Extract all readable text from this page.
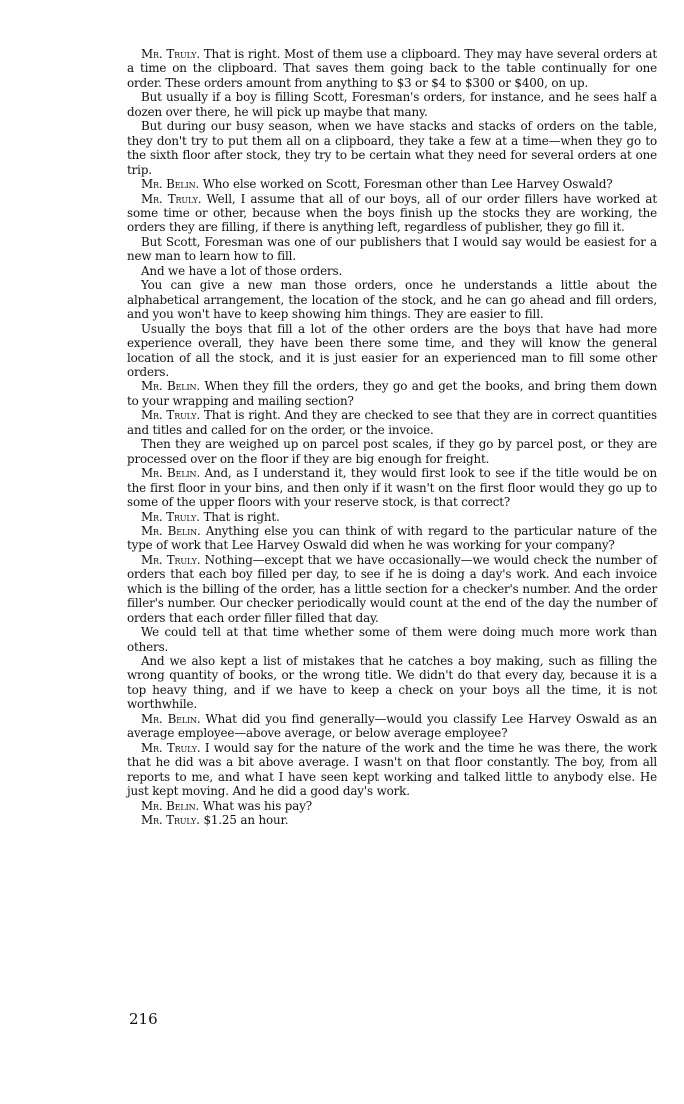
Mr. Truly. That is right. Most of them use a clipboard. They may have several orders at a time on the clipboard. That saves them going back to the table continually for one order. These orders amount from anything to $3 or $4 to $300 or $400, on up.

But usually if a boy is filling Scott, Foresman's orders, for instance, and he sees half a dozen over there, he will pick up maybe that many.

But during our busy season, when we have stacks and stacks of orders on the table, they don't try to put them all on a clipboard, they take a few at a time—when they go to the sixth floor after stock, they try to be certain what they need for several orders at one trip.

Mr. Belin. Who else worked on Scott, Foresman other than Lee Harvey Oswald?

Mr. Truly. Well, I assume that all of our boys, all of our order fillers have worked at some time or other, because when the boys finish up the stocks they are working, the orders they are filling, if there is anything left, regardless of publisher, they go fill it.

But Scott, Foresman was one of our publishers that I would say would be easiest for a new man to learn how to fill.

And we have a lot of those orders.

You can give a new man those orders, once he understands a little about the alphabetical arrangement, the location of the stock, and he can go ahead and fill orders, and you won't have to keep showing him things. They are easier to fill.

Usually the boys that fill a lot of the other orders are the boys that have had more experience overall, they have been there some time, and they will know the general location of all the stock, and it is just easier for an experienced man to fill some other orders.

Mr. Belin. When they fill the orders, they go and get the books, and bring them down to your wrapping and mailing section?

Mr. Truly. That is right. And they are checked to see that they are in correct quantities and titles and called for on the order, or the invoice.

Then they are weighed up on parcel post scales, if they go by parcel post, or they are processed over on the floor if they are big enough for freight.

Mr. Belin. And, as I understand it, they would first look to see if the title would be on the first floor in your bins, and then only if it wasn't on the first floor would they go up to some of the upper floors with your reserve stock, is that correct?

Mr. Truly. That is right.

Mr. Belin. Anything else you can think of with regard to the particular nature of the type of work that Lee Harvey Oswald did when he was working for your company?

Mr. Truly. Nothing—except that we have occasionally—we would check the number of orders that each boy filled per day, to see if he is doing a day's work. And each invoice which is the billing of the order, has a little section for a checker's number. And the order filler's number. Our checker periodically would count at the end of the day the number of orders that each order filler filled that day.

We could tell at that time whether some of them were doing much more work than others.

And we also kept a list of mistakes that he catches a boy making, such as filling the wrong quantity of books, or the wrong title. We didn't do that every day, because it is a top heavy thing, and if we have to keep a check on your boys all the time, it is not worthwhile.

Mr. Belin. What did you find generally—would you classify Lee Harvey Oswald as an average employee—above average, or below average employee?

Mr. Truly. I would say for the nature of the work and the time he was there, the work that he did was a bit above average. I wasn't on that floor constantly. The boy, from all reports to me, and what I have seen kept working and talked little to anybody else. He just kept moving. And he did a good day's work.

Mr. Belin. What was his pay?

Mr. Truly. $1.25 an hour.

216
